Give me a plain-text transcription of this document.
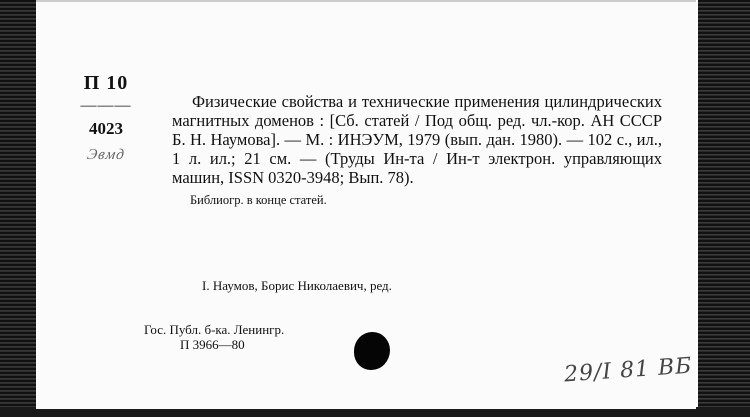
П 10
———
4023
Эвмд
Физические свойства и технические применения цилиндрических магнитных доменов : [Сб. статей / Под общ. ред. чл.-кор. АН СССР Б. Н. Наумова]. — М. : ИНЭУМ, 1979 (вып. дан. 1980). — 102 с., ил., 1 л. ил.; 21 см. — (Труды Ин-та / Ин-т электрон. управляющих машин, ISSN 0320-3948; Вып. 78).
Библиогр. в конце статей.
I. Наумов, Борис Николаевич, ред.
Гос. Публ. б-ка. Ленингр.
П 3966—80
29/I 81 ВБ
